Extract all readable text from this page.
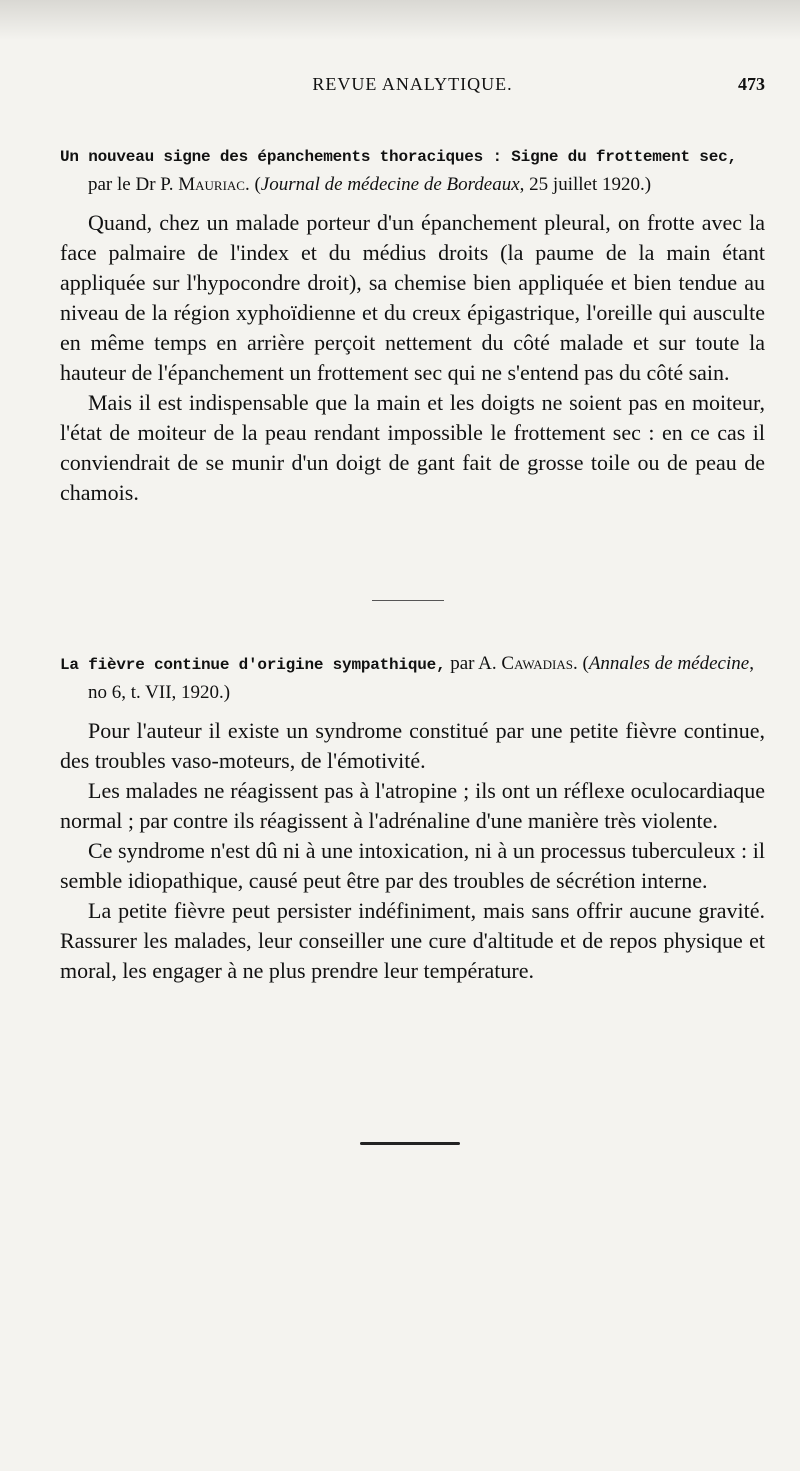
REVUE ANALYTIQUE.	473

Un nouveau signe des épanchements thoraciques : Signe du frottement sec, par le Dr P. Mauriac. (Journal de médecine de Bordeaux, 25 juillet 1920.)

Quand, chez un malade porteur d'un épanchement pleural, on frotte avec la face palmaire de l'index et du médius droits (la paume de la main étant appliquée sur l'hypocondre droit), sa chemise bien appliquée et bien tendue au niveau de la région xyphoïdienne et du creux épigastrique, l'oreille qui ausculte en même temps en arrière perçoit nettement du côté malade et sur toute la hauteur de l'épanchement un frottement sec qui ne s'entend pas du côté sain.

Mais il est indispensable que la main et les doigts ne soient pas en moiteur, l'état de moiteur de la peau rendant impossible le frottement sec : en ce cas il conviendrait de se munir d'un doigt de gant fait de grosse toile ou de peau de chamois.

La fièvre continue d'origine sympathique, par A. Cawadias. (Annales de médecine, no 6, t. VII, 1920.)

Pour l'auteur il existe un syndrome constitué par une petite fièvre continue, des troubles vaso-moteurs, de l'émotivité.

Les malades ne réagissent pas à l'atropine ; ils ont un réflexe oculocardiaque normal ; par contre ils réagissent à l'adrénaline d'une manière très violente.

Ce syndrome n'est dû ni à une intoxication, ni à un processus tuberculeux : il semble idiopathique, causé peut être par des troubles de sécrétion interne.

La petite fièvre peut persister indéfiniment, mais sans offrir aucune gravité. Rassurer les malades, leur conseiller une cure d'altitude et de repos physique et moral, les engager à ne plus prendre leur température.
